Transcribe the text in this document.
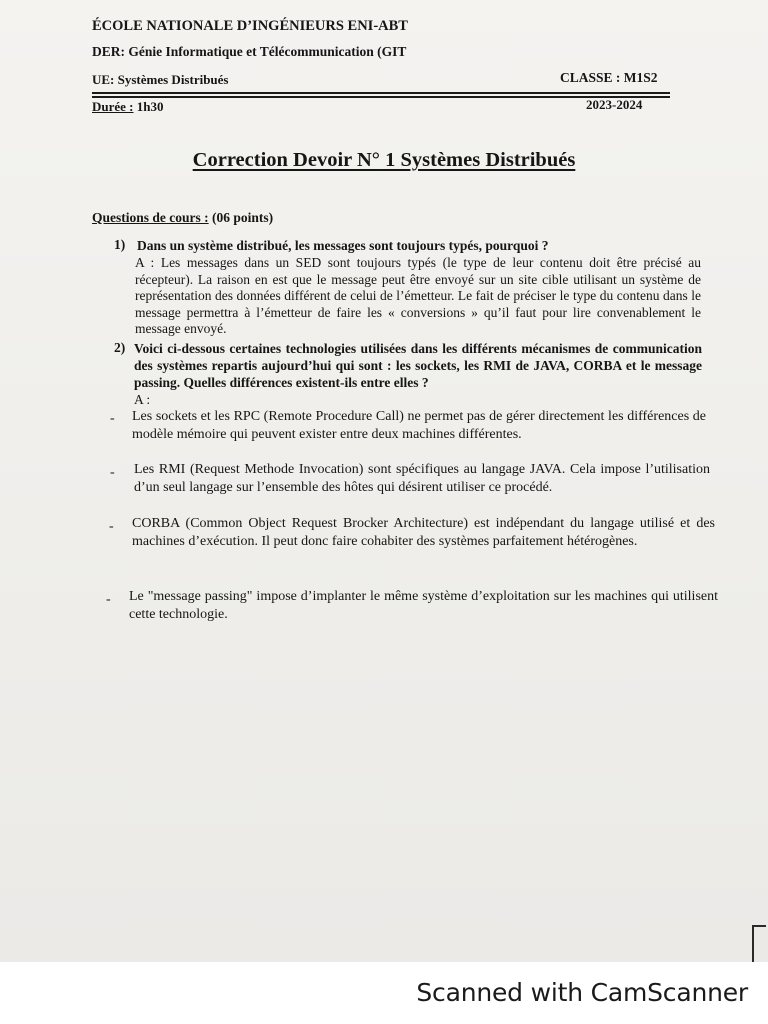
ÉCOLE NATIONALE D’INGÉNIEURS ENI-ABT
DER: Génie Informatique et Télécommunication (GIT
UE: Systèmes Distribués	CLASSE : M1S2
Durée : 1h30	2023-2024
Correction Devoir N° 1 Systèmes Distribués
Questions de cours : (06 points)
1) Dans un système distribué, les messages sont toujours typés, pourquoi ?
A : Les messages dans un SED sont toujours typés (le type de leur contenu doit être précisé au récepteur). La raison en est que le message peut être envoyé sur un site cible utilisant un système de représentation des données différent de celui de l’émetteur. Le fait de préciser le type du contenu dans le message permettra à l’émetteur de faire les « conversions » qu’il faut pour lire convenablement le message envoyé.
2) Voici ci-dessous certaines technologies utilisées dans les différents mécanismes de communication des systèmes repartis aujourd’hui qui sont : les sockets, les RMI de JAVA, CORBA et le message passing. Quelles différences existent-ils entre elles ?
A :
- Les sockets et les RPC (Remote Procedure Call) ne permet pas de gérer directement les différences de modèle mémoire qui peuvent exister entre deux machines différentes.
- Les RMI (Request Methode Invocation) sont spécifiques au langage JAVA. Cela impose l’utilisation d’un seul langage sur l’ensemble des hôtes qui désirent utiliser ce procédé.
- CORBA (Common Object Request Brocker Architecture) est indépendant du langage utilisé et des machines d’exécution. Il peut donc faire cohabiter des systèmes parfaitement hétérogènes.
- Le "message passing" impose d’implanter le même système d’exploitation sur les machines qui utilisent cette technologie.
Scanned with CamScanner
